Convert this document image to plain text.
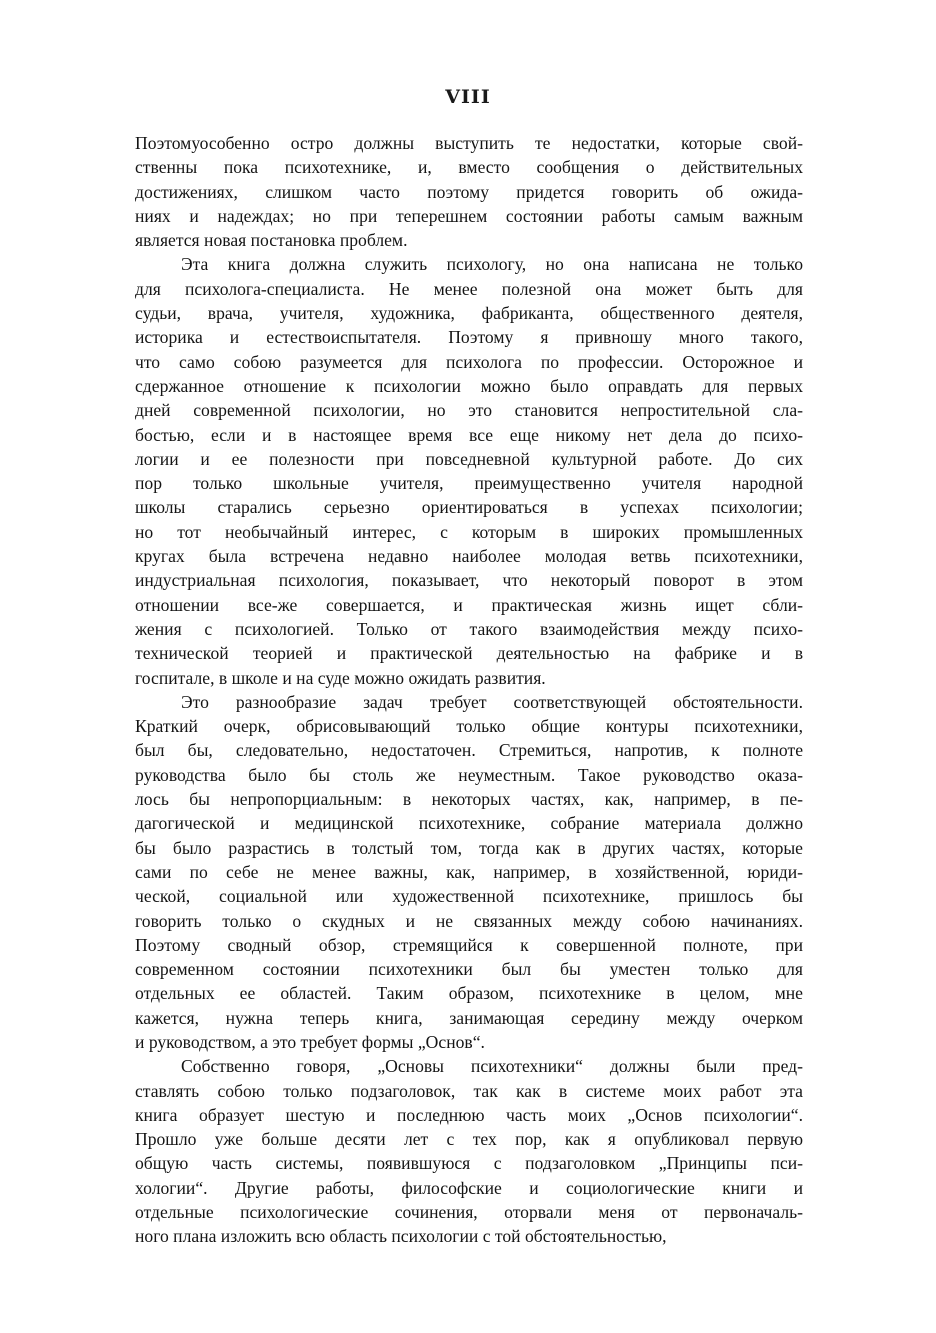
VIII

Поэтомуособенно остро должны выступить те недостатки, которые свой-
ственны пока психотехнике, и, вместо сообщения о действительных
достижениях, слишком часто поэтому придется говорить об ожида-
ниях и надеждах; но при теперешнем состоянии работы самым важным
является новая постановка проблем.

Эта книга должна служить психологу, но она написана не только
для психолога-специалиста. Не менее полезной она может быть для
судьи, врача, учителя, художника, фабриканта, общественного деятеля,
историка и естествоиспытателя. Поэтому я привношу много такого,
что само собою разумеется для психолога по профессии. Осторожное и
сдержанное отношение к психологии можно было оправдать для первых
дней современной психологии, но это становится непростительной сла-
бостью, если и в настоящее время все еще никому нет дела до психо-
логии и ее полезности при повседневной культурной работе. До сих
пор только школьные учителя, преимущественно учителя народной
школы старались серьезно ориентироваться в успехах психологии;
но тот необычайный интерес, с которым в широких промышленных
кругах была встречена недавно наиболее молодая ветвь психотехники,
индустриальная психология, показывает, что некоторый поворот в этом
отношении все-же совершается, и практическая жизнь ищет сбли-
жения с психологией. Только от такого взаимодействия между психо-
технической теорией и практической деятельностью на фабрике и в
госпитале, в школе и на суде можно ожидать развития.

Это разнообразие задач требует соответствующей обстоятельности.
Краткий очерк, обрисовывающий только общие контуры психотехники,
был бы, следовательно, недостаточен. Стремиться, напротив, к полноте
руководства было бы столь же неуместным. Такое руководство оказа-
лось бы непропорциальным: в некоторых частях, как, например, в пе-
дагогической и медицинской психотехнике, собрание материала должно
бы было разрастись в толстый том, тогда как в других частях, которые
сами по себе не менее важны, как, например, в хозяйственной, юриди-
ческой, социальной или художественной психотехнике, пришлось бы
говорить только о скудных и не связанных между собою начинаниях.
Поэтому сводный обзор, стремящийся к совершенной полноте, при
современном состоянии психотехники был бы уместен только для
отдельных ее областей. Таким образом, психотехнике в целом, мне
кажется, нужна теперь книга, занимающая середину между очерком
и руководством, а это требует формы „Основ“.

Собственно говоря, „Основы психотехники“ должны были пред-
ставлять собою только подзаголовок, так как в системе моих работ эта
книга образует шестую и последнюю часть моих „Основ психологии“.
Прошло уже больше десяти лет с тех пор, как я опубликовал первую
общую часть системы, появившуюся с подзаголовком „Принципы пси-
хологии“. Другие работы, философские и социологические книги и
отдельные психологические сочинения, оторвали меня от первоначаль-
ного плана изложить всю область психологии с той обстоятельностью,
